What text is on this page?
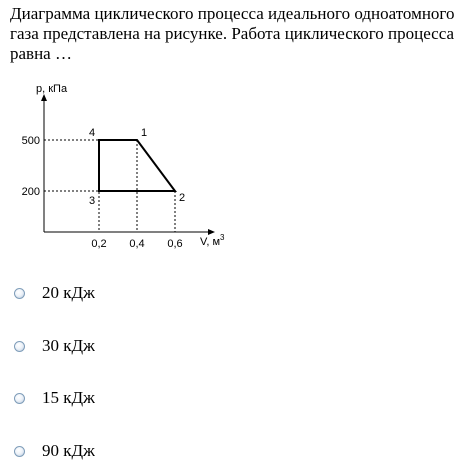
Диаграмма циклического процесса идеального одноатомного газа представлена на рисунке. Работа циклического процесса равна …
p, кПа
V, $м^3$
0,2 0,4 0,6
200
500
1
2
3
4
20 кДж
30 кДж
15 кДж
90 кДж
